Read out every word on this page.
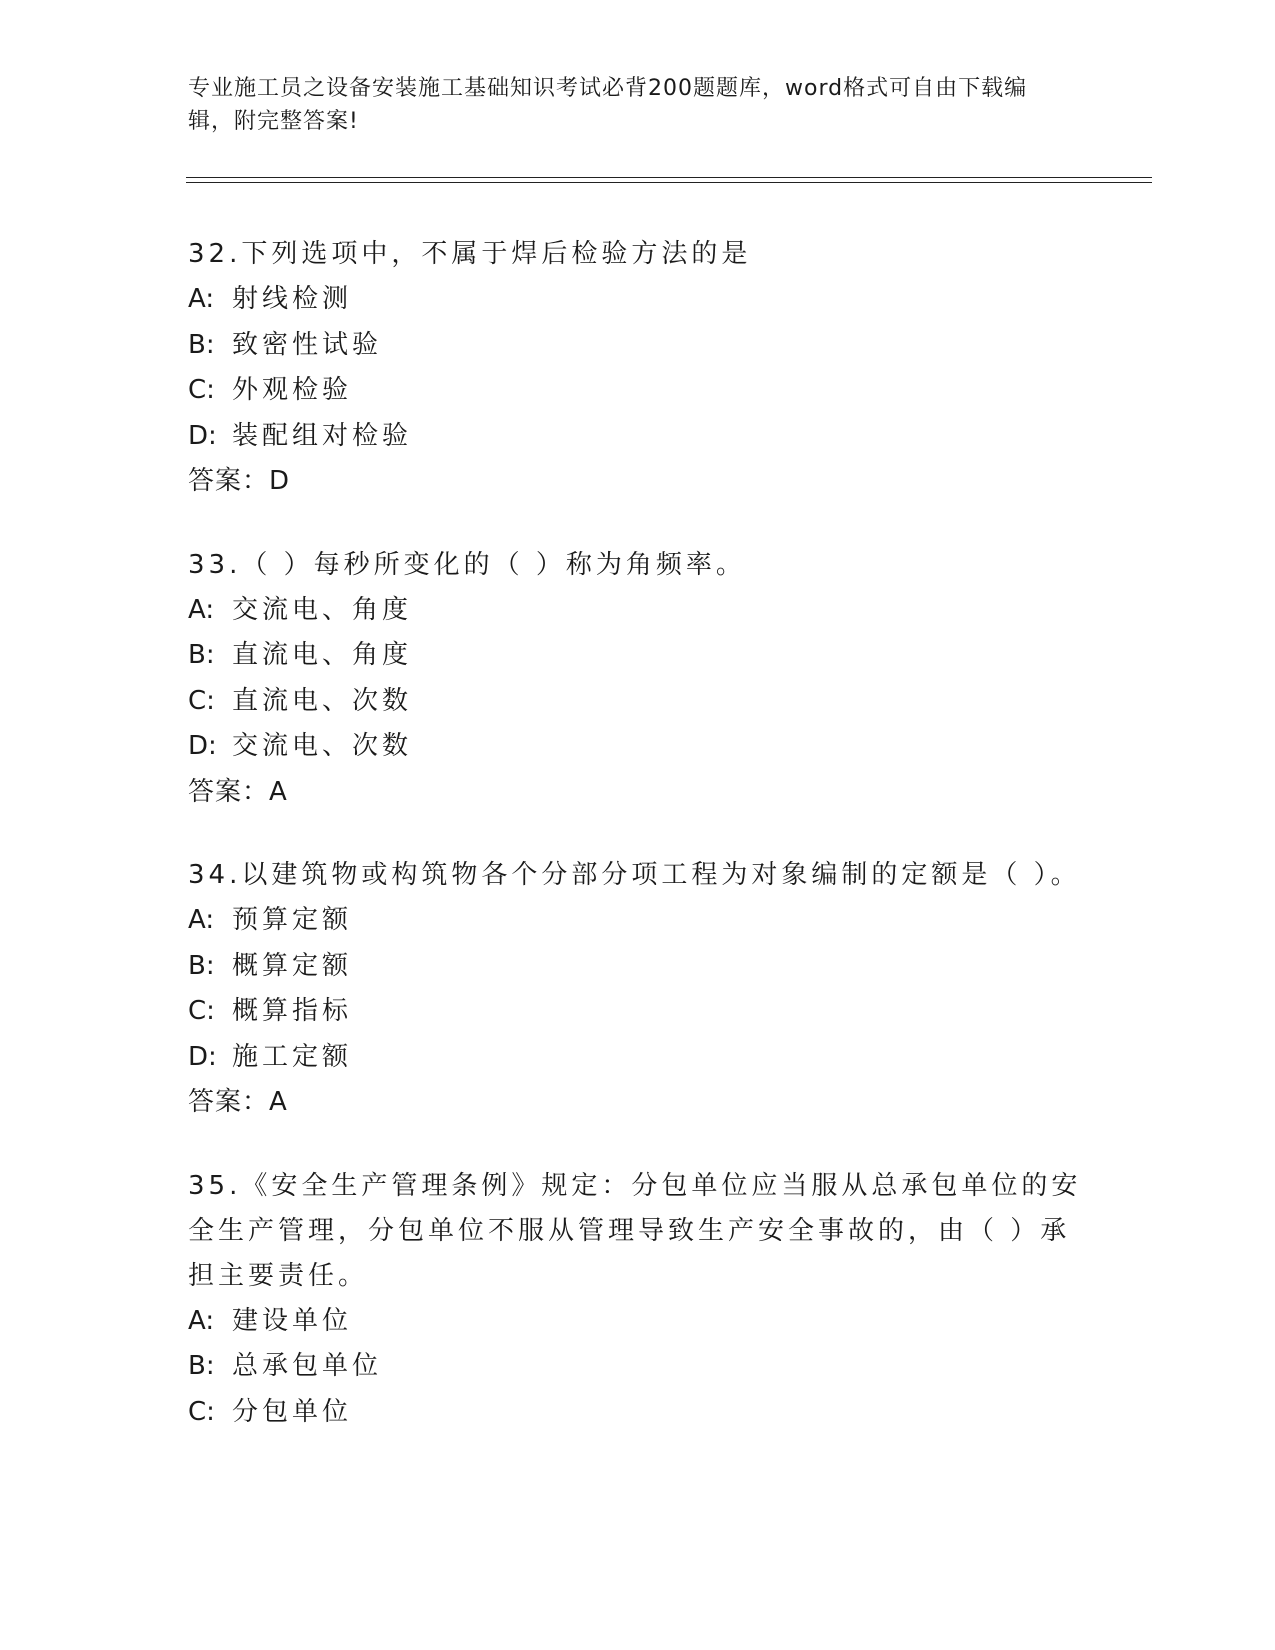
专业施工员之设备安装施工基础知识考试必背200题题库，word格式可自由下载编辑，附完整答案!
32.下列选项中，不属于焊后检验方法的是
A: 射线检测
B: 致密性试验
C: 外观检验
D: 装配组对检验
答案：D
33.（ ）每秒所变化的（ ）称为角频率。
A: 交流电、角度
B: 直流电、角度
C: 直流电、次数
D: 交流电、次数
答案：A
34.以建筑物或构筑物各个分部分项工程为对象编制的定额是（ ）。
A: 预算定额
B: 概算定额
C: 概算指标
D: 施工定额
答案：A
35.《安全生产管理条例》规定：分包单位应当服从总承包单位的安全生产管理，分包单位不服从管理导致生产安全事故的，由（ ）承担主要责任。
A: 建设单位
B: 总承包单位
C: 分包单位
